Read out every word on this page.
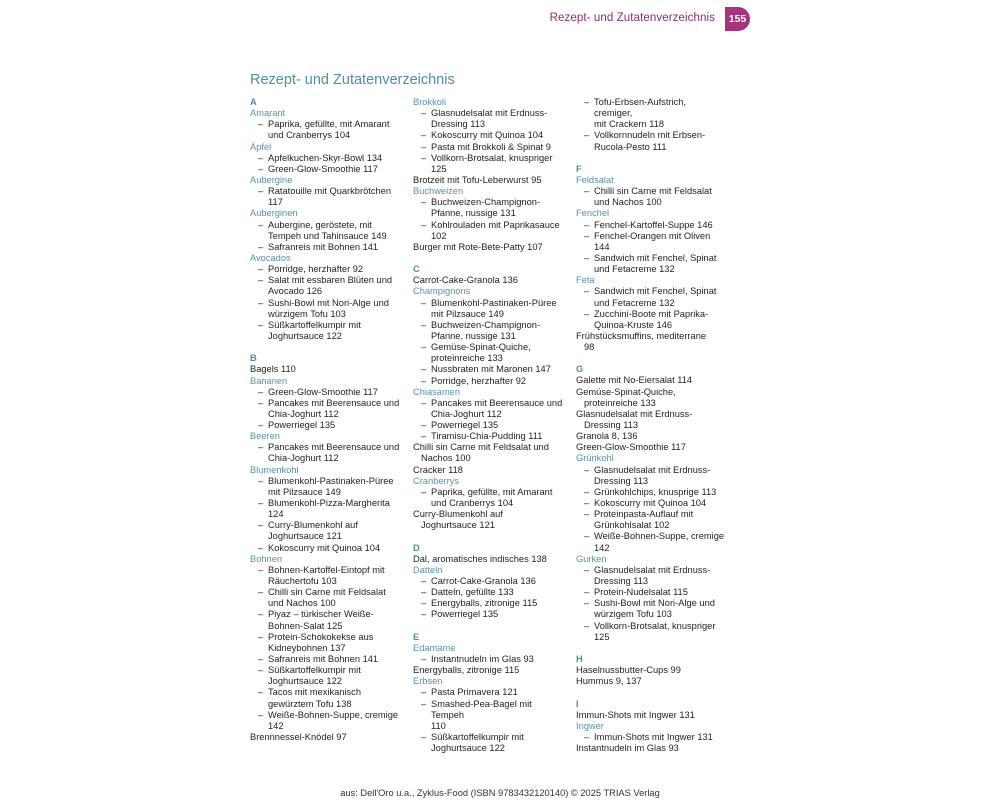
Rezept- und Zutatenverzeichnis	155
Rezept- und Zutatenverzeichnis
A
Amarant
– Paprika, gefüllte, mit Amarant
und Cranberrys 104
Äpfel
– Apfelkuchen-Skyr-Bowl 134
– Green-Glow-Smoothie 117
Aubergine
– Ratatouille mit Quarkbrötchen
117
Auberginen
– Aubergine, geröstete, mit
Tempeh und Tahinsauce 149
– Safranreis mit Bohnen 141
Avocados
– Porridge, herzhafter 92
– Salat mit essbaren Blüten und
Avocado 126
– Sushi-Bowl mit Nori-Alge und
würzigem Tofu 103
– Süßkartoffelkumpir mit
Joghurtsauce 122
B
Bagels 110
Bananen
– Green-Glow-Smoothie 117
– Pancakes mit Beerensauce und
Chia-Joghurt 112
– Powerriegel 135
Beeren
– Pancakes mit Beerensauce und
Chia-Joghurt 112
Blumenkohl
– Blumenkohl-Pastinaken-Püree
mit Pilzsauce 149
– Blumenkohl-Pizza-Margherita
124
– Curry-Blumenkohl auf
Joghurtsauce 121
– Kokoscurry mit Quinoa 104
Bohnen
– Bohnen-Kartoffel-Eintopf mit
Räuchertofu 103
– Chilli sin Carne mit Feldsalat
und Nachos 100
– Piyaz – türkischer Weiße-
Bohnen-Salat 125
– Protein-Schokokekse aus
Kidneybohnen 137
– Safranreis mit Bohnen 141
– Süßkartoffelkumpir mit
Joghurtsauce 122
– Tacos mit mexikanisch
gewürztem Tofu 138
– Weiße-Bohnen-Suppe, cremige
142
Brennnessel-Knödel 97
Brokkoli
– Glasnudelsalat mit Erdnuss-
Dressing 113
– Kokoscurry mit Quinoa 104
– Pasta mit Brokkoli & Spinat 9
– Vollkorn-Brotsalat, knuspriger
125
Brotzeit mit Tofu-Leberwurst 95
Buchweizen
– Buchweizen-Champignon-
Pfanne, nussige 131
– Kohlrouladen mit Paprikasauce
102
Burger mit Rote-Bete-Patty 107
C
Carrot-Cake-Granola 136
Champignons
– Blumenkohl-Pastinaken-Püree
mit Pilzsauce 149
– Buchweizen-Champignon-
Pfanne, nussige 131
– Gemüse-Spinat-Quiche,
proteinreiche 133
– Nussbraten mit Maronen 147
– Porridge, herzhafter 92
Chiasamen
– Pancakes mit Beerensauce und
Chia-Joghurt 112
– Powerriegel 135
– Tiramisu-Chia-Pudding 111
Chilli sin Carne mit Feldsalat und
Nachos 100
Cracker 118
Cranberrys
– Paprika, gefüllte, mit Amarant
und Cranberrys 104
Curry-Blumenkohl auf
Joghurtsauce 121
D
Dal, aromatisches indisches 138
Datteln
– Carrot-Cake-Granola 136
– Datteln, gefüllte 133
– Energyballs, zitronige 115
– Powerriegel 135
E
Edamame
– Instantnudeln im Glas 93
Energyballs, zitronige 115
Erbsen
– Pasta Primavera 121
– Smashed-Pea-Bagel mit Tempeh
110
– Süßkartoffelkumpir mit
Joghurtsauce 122
– Tofu-Erbsen-Aufstrich, cremiger,
mit Crackern 118
– Vollkornnudeln mit Erbsen-
Rucola-Pesto 111
F
Feldsalat
– Chilli sin Carne mit Feldsalat
und Nachos 100
Fenchel
– Fenchel-Kartoffel-Suppe 146
– Fenchel-Orangen mit Oliven 144
– Sandwich mit Fenchel, Spinat
und Fetacreme 132
Feta
– Sandwich mit Fenchel, Spinat
und Fetacreme 132
– Zucchini-Boote mit Paprika-
Quinoa-Kruste 146
Frühstücksmuffins, mediterrane
98
G
Galette mit No-Eiersalat 114
Gemüse-Spinat-Quiche,
proteinreiche 133
Glasnudelsalat mit Erdnuss-
Dressing 113
Granola 8, 136
Green-Glow-Smoothie 117
Grünkohl
– Glasnudelsalat mit Erdnuss-
Dressing 113
– Grünkohlchips, knusprige 113
– Kokoscurry mit Quinoa 104
– Proteinpasta-Auflauf mit
Grünkohlsalat 102
– Weiße-Bohnen-Suppe, cremige
142
Gurken
– Glasnudelsalat mit Erdnuss-
Dressing 113
– Protein-Nudelsalat 115
– Sushi-Bowl mit Nori-Alge und
würzigem Tofu 103
– Vollkorn-Brotsalat, knuspriger
125
H
Haselnussbutter-Cups 99
Hummus 9, 137
I
Immun-Shots mit Ingwer 131
Ingwer
– Immun-Shots mit Ingwer 131
Instantnudeln im Glas 93
aus: Dell'Oro u.a., Zyklus-Food (ISBN 9783432120140) © 2025 TRIAS Verlag
